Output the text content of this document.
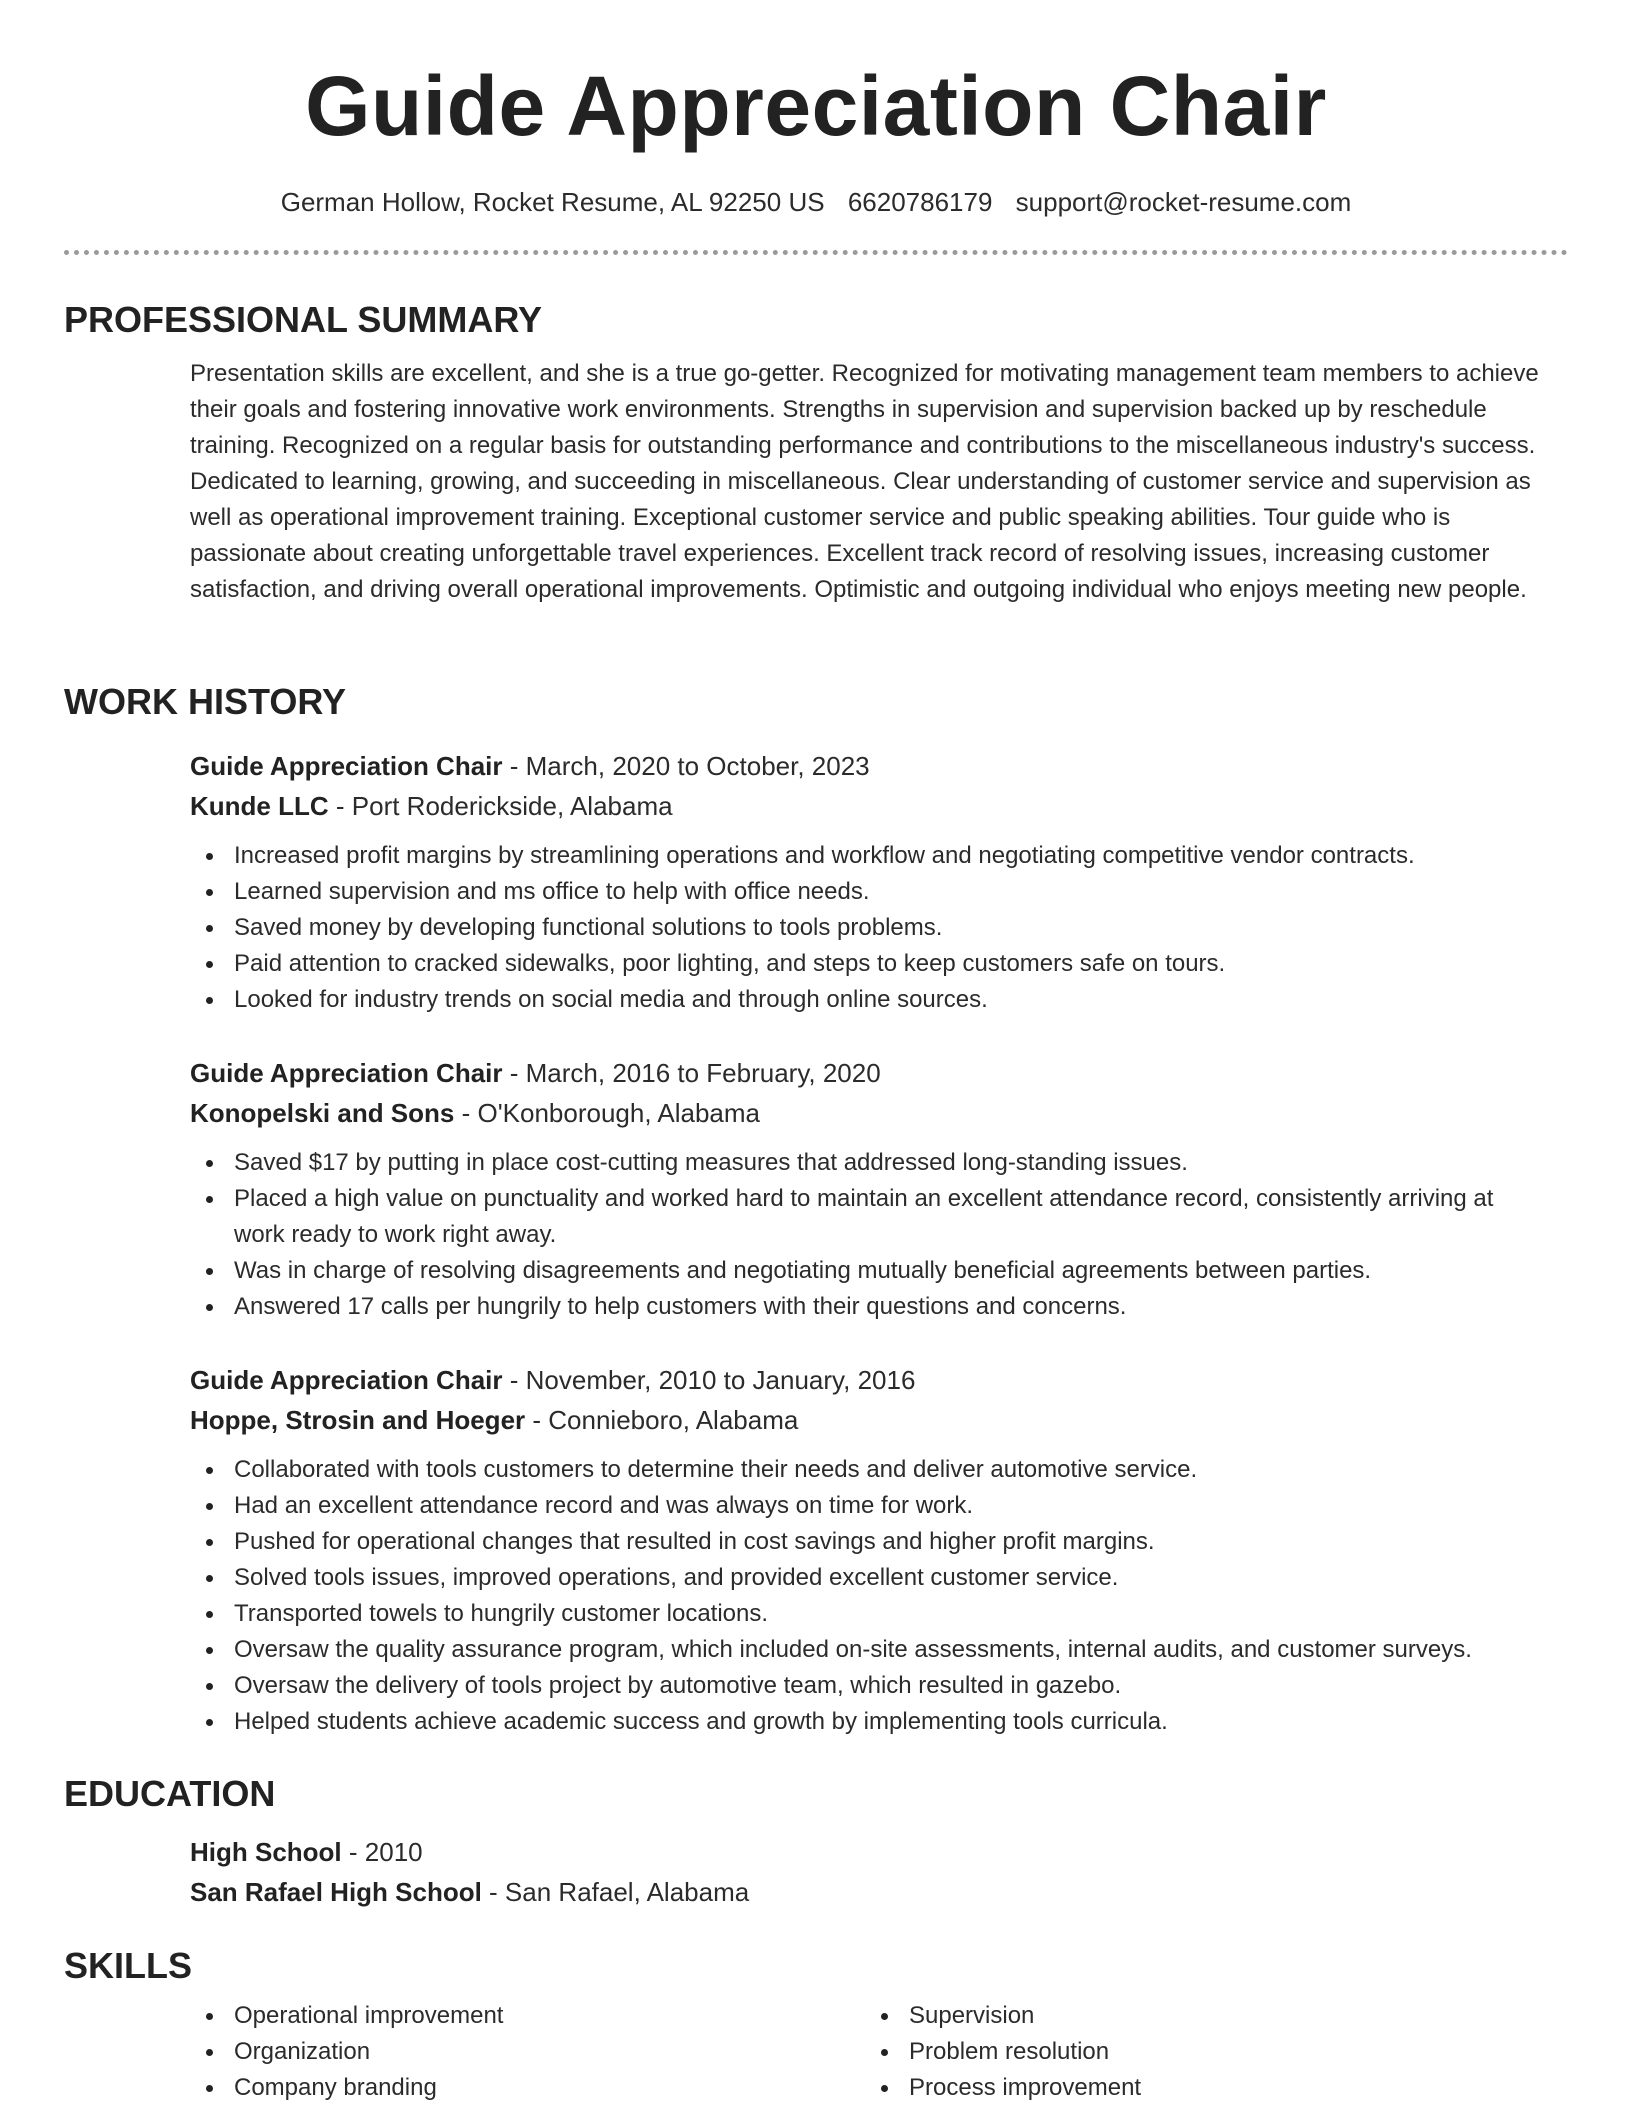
Guide Appreciation Chair
German Hollow, Rocket Resume, AL 92250 US 6620786179 support@rocket-resume.com
PROFESSIONAL SUMMARY

Presentation skills are excellent, and she is a true go-getter. Recognized for motivating management team members to achieve their goals and fostering innovative work environments. Strengths in supervision and supervision backed up by reschedule training. Recognized on a regular basis for outstanding performance and contributions to the miscellaneous industry's success. Dedicated to learning, growing, and succeeding in miscellaneous. Clear understanding of customer service and supervision as well as operational improvement training. Exceptional customer service and public speaking abilities. Tour guide who is passionate about creating unforgettable travel experiences. Excellent track record of resolving issues, increasing customer satisfaction, and driving overall operational improvements. Optimistic and outgoing individual who enjoys meeting new people.

WORK HISTORY
Guide Appreciation Chair - March, 2020 to October, 2023
Kunde LLC - Port Roderickside, Alabama
Increased profit margins by streamlining operations and workflow and negotiating competitive vendor contracts.
Learned supervision and ms office to help with office needs.
Saved money by developing functional solutions to tools problems.
Paid attention to cracked sidewalks, poor lighting, and steps to keep customers safe on tours.
Looked for industry trends on social media and through online sources.
Guide Appreciation Chair - March, 2016 to February, 2020
Konopelski and Sons - O'Konborough, Alabama
Saved $17 by putting in place cost-cutting measures that addressed long-standing issues.
Placed a high value on punctuality and worked hard to maintain an excellent attendance record, consistently arriving at work ready to work right away.
Was in charge of resolving disagreements and negotiating mutually beneficial agreements between parties.
Answered 17 calls per hungrily to help customers with their questions and concerns.
Guide Appreciation Chair - November, 2010 to January, 2016
Hoppe, Strosin and Hoeger - Connieboro, Alabama
Collaborated with tools customers to determine their needs and deliver automotive service.
Had an excellent attendance record and was always on time for work.
Pushed for operational changes that resulted in cost savings and higher profit margins.
Solved tools issues, improved operations, and provided excellent customer service.
Transported towels to hungrily customer locations.
Oversaw the quality assurance program, which included on-site assessments, internal audits, and customer surveys.
Oversaw the delivery of tools project by automotive team, which resulted in gazebo.
Helped students achieve academic success and growth by implementing tools curricula.
EDUCATION
High School - 2010
San Rafael High School - San Rafael, Alabama
SKILLS
Operational improvement
Organization
Company branding
Supervision
Problem resolution
Process improvement
